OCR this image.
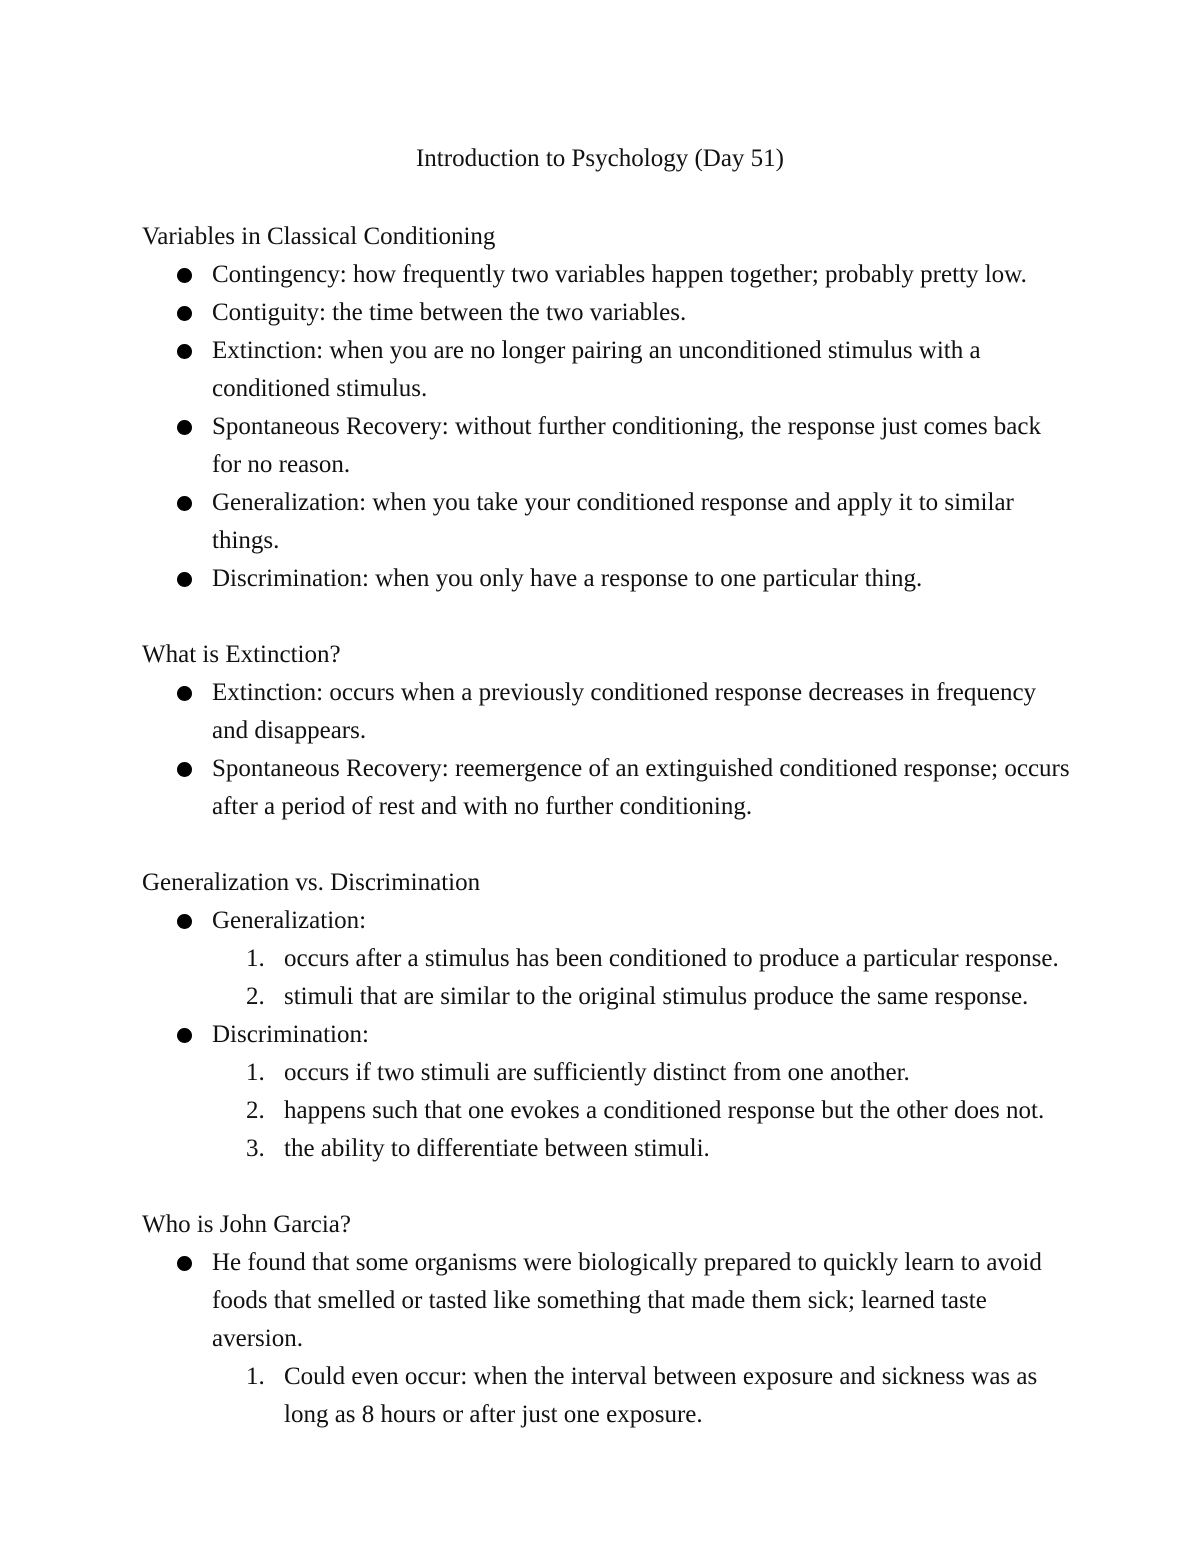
Introduction to Psychology (Day 51)
Variables in Classical Conditioning
Contingency: how frequently two variables happen together; probably pretty low.
Contiguity: the time between the two variables.
Extinction: when you are no longer pairing an unconditioned stimulus with a conditioned stimulus.
Spontaneous Recovery: without further conditioning, the response just comes back for no reason.
Generalization: when you take your conditioned response and apply it to similar things.
Discrimination: when you only have a response to one particular thing.
What is Extinction?
Extinction: occurs when a previously conditioned response decreases in frequency and disappears.
Spontaneous Recovery: reemergence of an extinguished conditioned response; occurs after a period of rest and with no further conditioning.
Generalization vs. Discrimination
Generalization:
1. occurs after a stimulus has been conditioned to produce a particular response.
2. stimuli that are similar to the original stimulus produce the same response.
Discrimination:
1. occurs if two stimuli are sufficiently distinct from one another.
2. happens such that one evokes a conditioned response but the other does not.
3. the ability to differentiate between stimuli.
Who is John Garcia?
He found that some organisms were biologically prepared to quickly learn to avoid foods that smelled or tasted like something that made them sick; learned taste aversion.
1. Could even occur: when the interval between exposure and sickness was as long as 8 hours or after just one exposure.
